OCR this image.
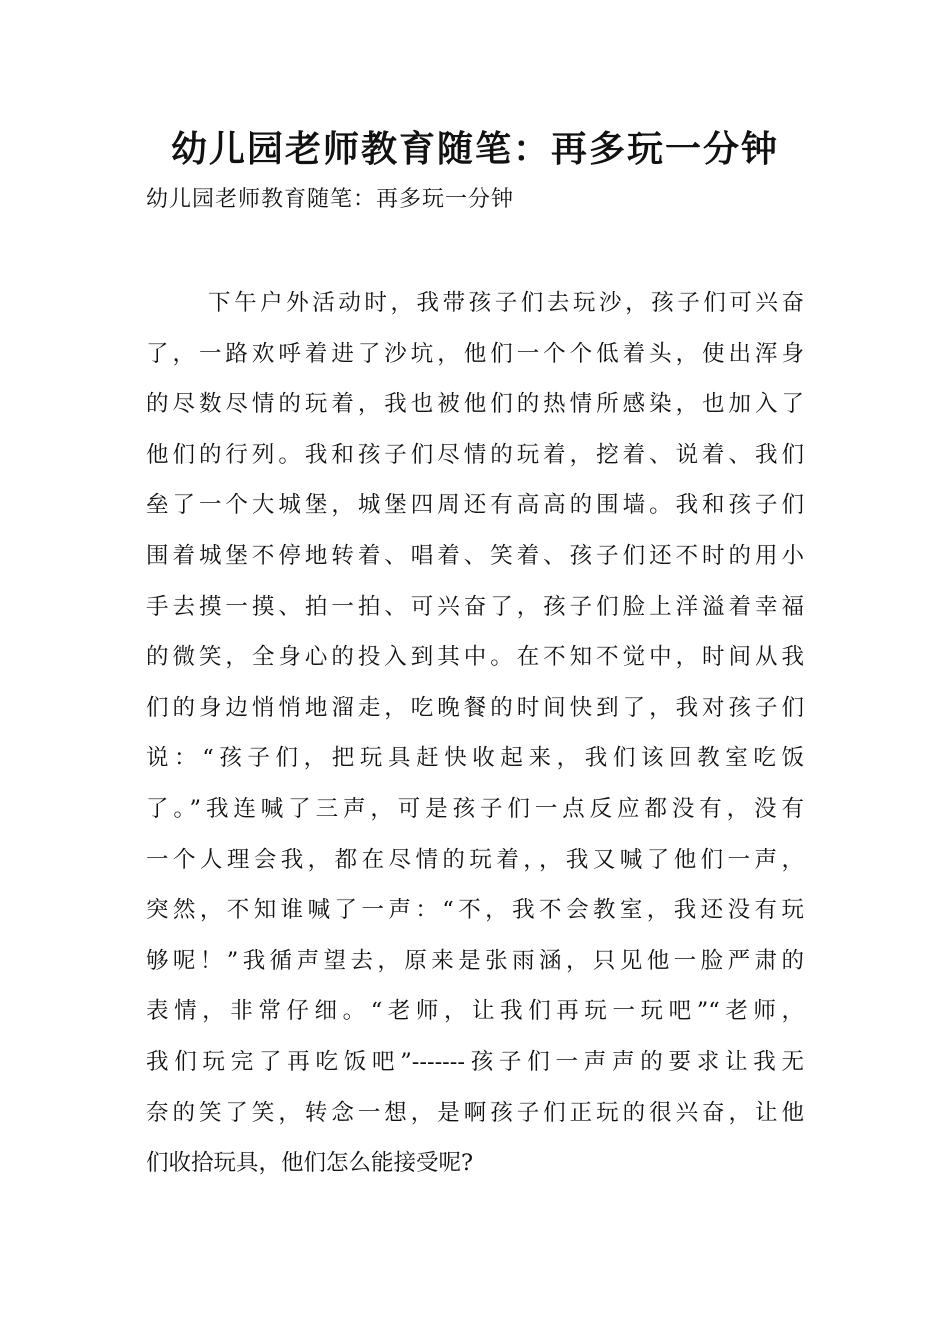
幼儿园老师教育随笔：再多玩一分钟

幼儿园老师教育随笔：再多玩一分钟

下午户外活动时，我带孩子们去玩沙，孩子们可兴奋
了，一路欢呼着进了沙坑，他们一个个低着头，使出浑身
的尽数尽情的玩着，我也被他们的热情所感染，也加入了
他们的行列。我和孩子们尽情的玩着，挖着、说着、我们
垒了一个大城堡，城堡四周还有高高的围墙。我和孩子们
围着城堡不停地转着、唱着、笑着、孩子们还不时的用小
手去摸一摸、拍一拍、可兴奋了，孩子们脸上洋溢着幸福
的微笑，全身心的投入到其中。在不知不觉中，时间从我
们的身边悄悄地溜走，吃晚餐的时间快到了，我对孩子们
说：“孩子们，把玩具赶快收起来，我们该回教室吃饭
了。”我连喊了三声，可是孩子们一点反应都没有，没有
一个人理会我，都在尽情的玩着，，我又喊了他们一声，
突然，不知谁喊了一声：“不，我不会教室，我还没有玩
够呢！”我循声望去，原来是张雨涵，只见他一脸严肃的
表情，非常仔细。“老师，让我们再玩一玩吧”“老师，
我们玩完了再吃饭吧”-------孩子们一声声的要求让我无
奈的笑了笑，转念一想，是啊孩子们正玩的很兴奋，让他
们收拾玩具，他们怎么能接受呢?
